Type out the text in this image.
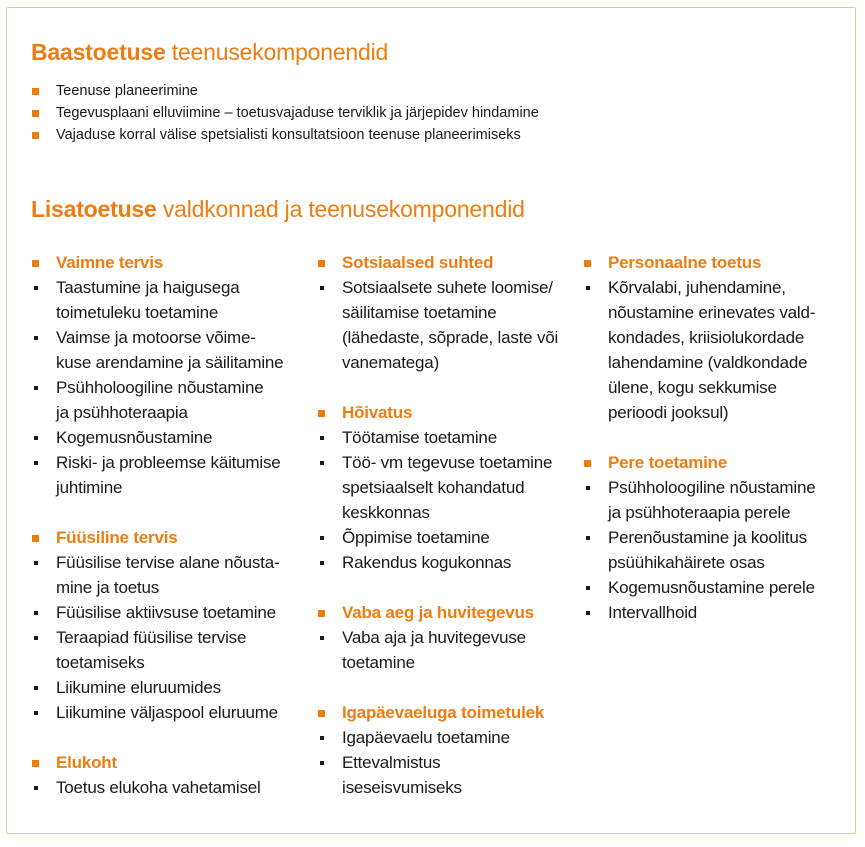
Baastoetuse teenusekomponendid
Teenuse planeerimine
Tegevusplaani elluviimine – toetusvajaduse terviklik ja järjepidev hindamine
Vajaduse korral välise spetsialisti konsultatsioon teenuse planeerimiseks
Lisatoetuse valdkonnad ja teenusekomponendid
Vaimne tervis
Taastumine ja haigusega
toimetuleku toetamine
Vaimse ja motoorse võime-
kuse arendamine ja säilitamine
Psühholoogiline nõustamine
ja psühhoteraapia
Kogemusnõustamine
Riski- ja probleemse käitumise
juhtimine
Füüsiline tervis
Füüsilise tervise alane nõusta-
mine ja toetus
Füüsilise aktiivsuse toetamine
Teraapiad füüsilise tervise
toetamiseks
Liikumine eluruumides
Liikumine väljaspool eluruume
Elukoht
Toetus elukoha vahetamisel
Sotsiaalsed suhted
Sotsiaalsete suhete loomise/
säilitamise toetamine
(lähedaste, sõprade, laste või
vanematega)
Hõivatus
Töötamise toetamine
Töö- vm tegevuse toetamine
spetsiaalselt kohandatud
keskkonnas
Õppimise toetamine
Rakendus kogukonnas
Vaba aeg ja huvitegevus
Vaba aja ja huvitegevuse
toetamine
Igapäevaeluga toimetulek
Igapäevaelu toetamine
Ettevalmistus
iseseisvumiseks
Personaalne toetus
Kõrvalabi, juhendamine,
nõustamine erinevates vald-
kondades, kriisiolukordade
lahendamine (valdkondade
ülene, kogu sekkumise
perioodi jooksul)
Pere toetamine
Psühholoogiline nõustamine
ja psühhoteraapia perele
Perenõustamine ja koolitus
psüühikahäirete osas
Kogemusnõustamine perele
Intervallhoid
